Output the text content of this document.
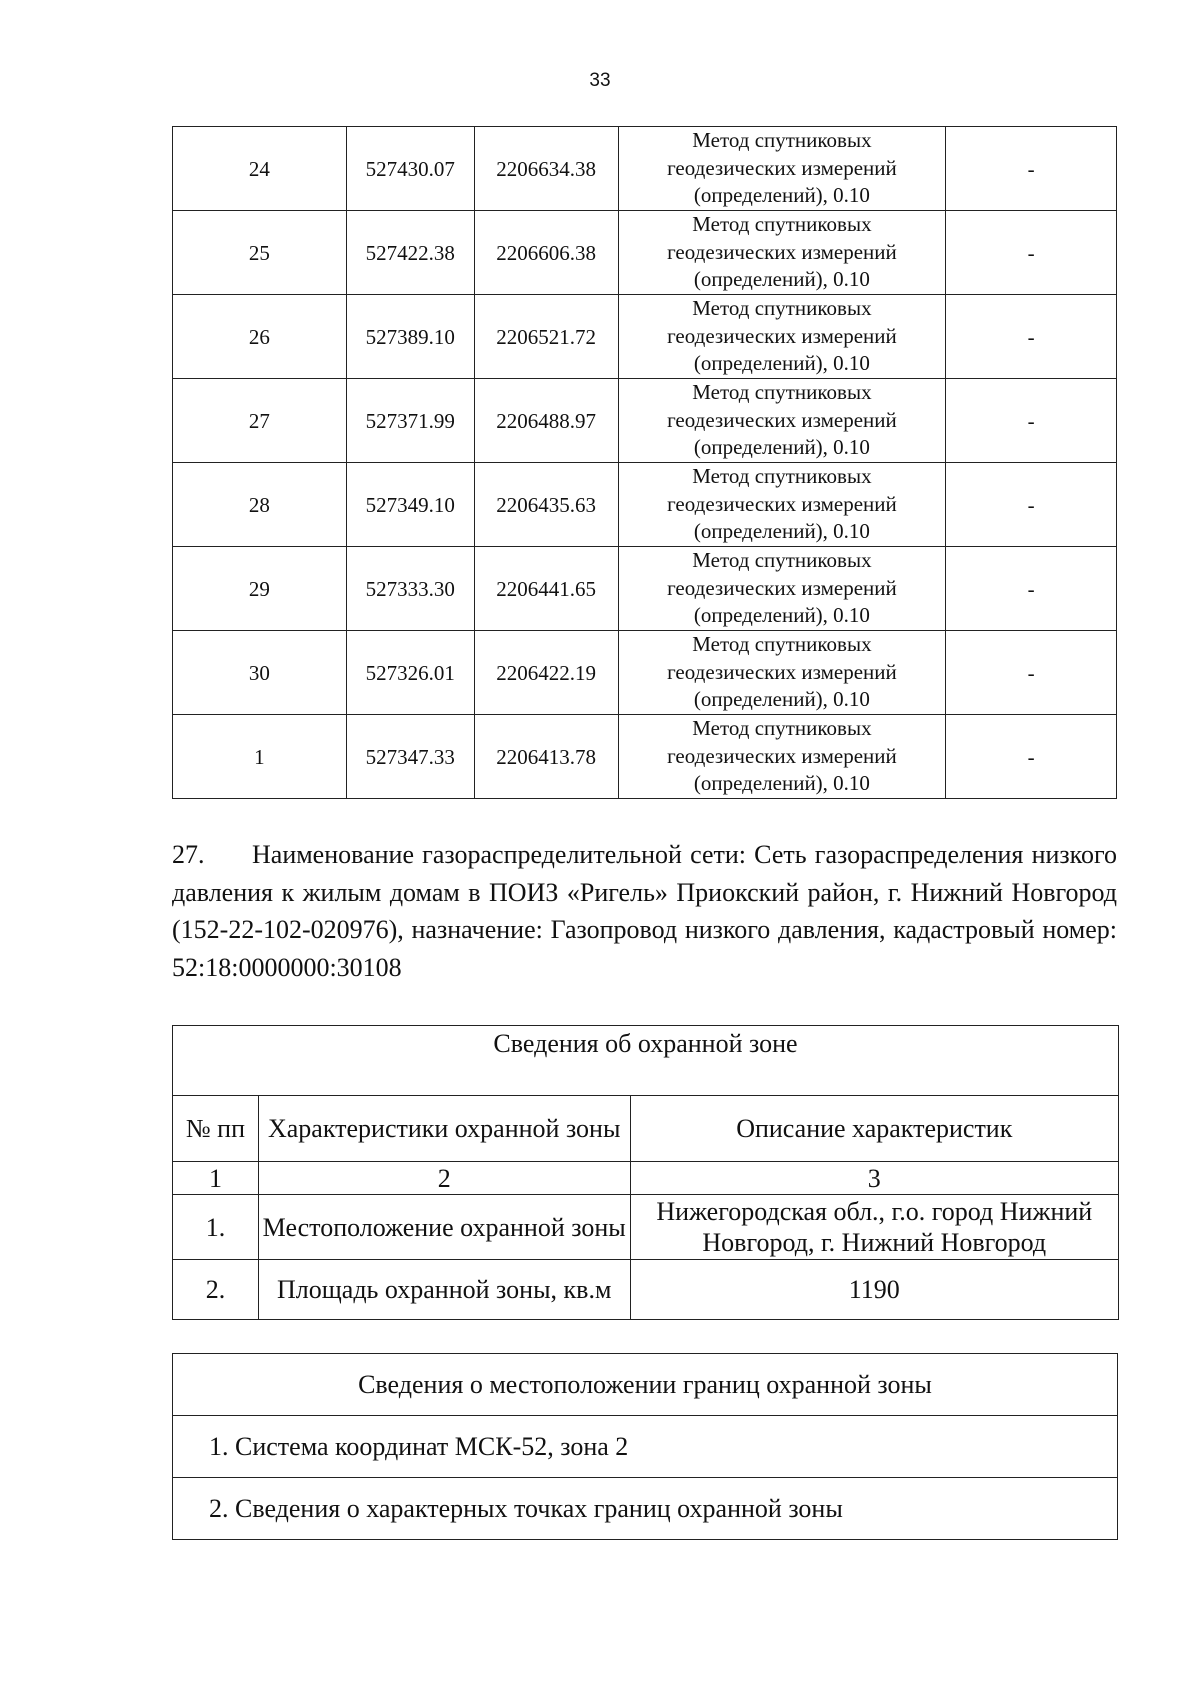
33
24	527430.07	2206634.38	Метод спутниковых
геодезических измерений
(определений), 0.10	-
25	527422.38	2206606.38	Метод спутниковых
геодезических измерений
(определений), 0.10	-
26	527389.10	2206521.72	Метод спутниковых
геодезических измерений
(определений), 0.10	-
27	527371.99	2206488.97	Метод спутниковых
геодезических измерений
(определений), 0.10	-
28	527349.10	2206435.63	Метод спутниковых
геодезических измерений
(определений), 0.10	-
29	527333.30	2206441.65	Метод спутниковых
геодезических измерений
(определений), 0.10	-
30	527326.01	2206422.19	Метод спутниковых
геодезических измерений
(определений), 0.10	-
1	527347.33	2206413.78	Метод спутниковых
геодезических измерений
(определений), 0.10	-
27. Наименование газораспределительной сети: Сеть газораспределения низкого давления к жилым домам в ПОИЗ «Ригель» Приокский район, г. Нижний Новгород (152-22-102-020976), назначение: Газопровод низкого давления, кадастровый номер: 52:18:0000000:30108
Сведения об охранной зоне		
№ пп	Характеристики охранной зоны	Описание характеристик
1	2	3
1.	Местоположение охранной зоны	Нижегородская обл., г.о. город Нижний Новгород, г. Нижний Новгород
2.	Площадь охранной зоны, кв.м	1190
Сведения о местоположении границ охранной зоны
1. Система координат МСК-52, зона 2
2. Сведения о характерных точках границ охранной зоны
